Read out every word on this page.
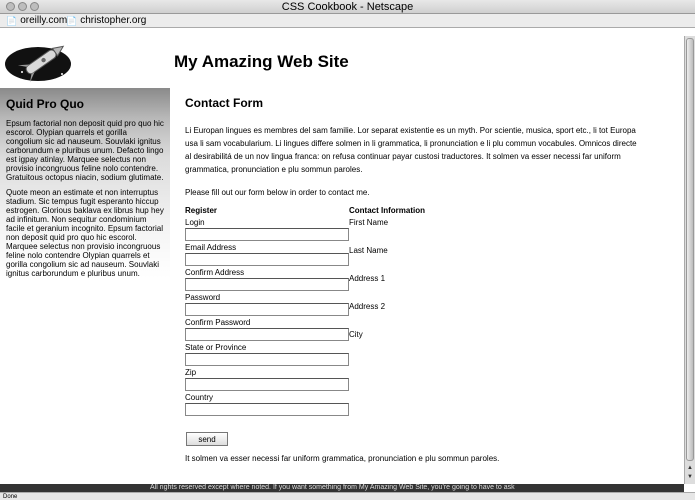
CSS Cookbook - Netscape
📄 oreilly.com
📄 christopher.org
My Amazing Web Site
Quid Pro Quo

Epsum factorial non deposit quid pro quo hic escorol. Olypian quarrels et gorilla congolium sic ad nauseum. Souvlaki ignitus carborundum e pluribus unum. Defacto lingo est igpay atinlay. Marquee selectus non provisio incongruous feline nolo contendre. Gratuitous octopus niacin, sodium glutimate.

Quote meon an estimate et non interruptus stadium. Sic tempus fugit esperanto hiccup estrogen. Glorious baklava ex librus hup hey ad infinitum. Non sequitur condominium facile et geranium incognito. Epsum factorial non deposit quid pro quo hic escorol. Marquee selectus non provisio incongruous feline nolo contendre Olypian quarrels et gorilla congolium sic ad nauseum. Souvlaki ignitus carborundum e pluribus unum.

Contact Form

Li Europan lingues es membres del sam familie. Lor separat existentie es un myth. Por scientie, musica, sport etc., li tot Europa usa li sam vocabularium. Li lingues differe solmen in li grammatica, li pronunciation e li plu commun vocabules. Omnicos directe al desirabilitá de un nov lingua franca: on refusa continuar payar custosi traductores. It solmen va esser necessi far uniform grammatica, pronunciation e plu sommun paroles.

Please fill out our form below in order to contact me.

Register
Login
Email Address
Confirm Address
Password
Confirm Password
State or Province
Zip
Country
Contact Information
First Name
Last Name
Address 1
Address 2
City
send

It solmen va esser necessi far uniform grammatica, pronunciation e plu sommun paroles.

▲
▼
All rights reserved except where noted. If you want something from My Amazing Web Site, you're going to have to ask
Done
